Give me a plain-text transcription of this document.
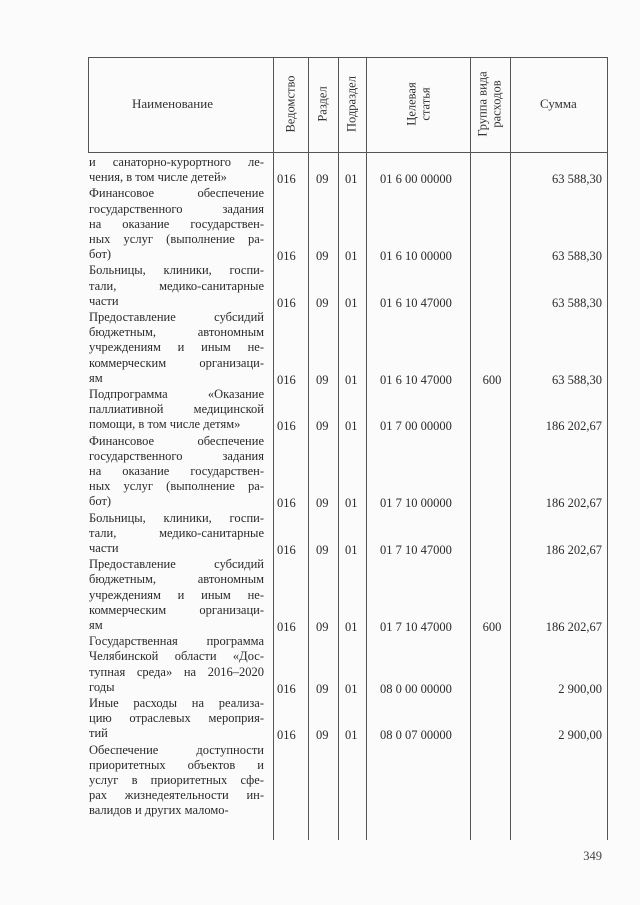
Наименование	Ведомство Раздел Подраздел	Целевая статья	Группа вида расходов	Сумма
и санаторно-курортного ле-
чения, в том числе детей»	016 09 01 01 6 00 00000	63 588,30
Финансовое обеспечение
государственного задания
на оказание государствен-
ных услуг (выполнение ра-
бот)	016 09 01 01 6 10 00000	63 588,30
Больницы, клиники, госпи-
тали, медико-санитарные
части	016 09 01 01 6 10 47000	63 588,30
Предоставление субсидий
бюджетным, автономным
учреждениям и иным не-
коммерческим организаци-
ям	016 09 01 01 6 10 47000	600	63 588,30
Подпрограмма «Оказание
паллиативной медицинской
помощи, в том числе детям»	016 09 01 01 7 00 00000	186 202,67
Финансовое обеспечение
государственного задания
на оказание государствен-
ных услуг (выполнение ра-
бот)	016 09 01 01 7 10 00000	186 202,67
Больницы, клиники, госпи-
тали, медико-санитарные
части	016 09 01 01 7 10 47000	186 202,67
Предоставление субсидий
бюджетным, автономным
учреждениям и иным не-
коммерческим организаци-
ям	016 09 01 01 7 10 47000	600	186 202,67
Государственная программа
Челябинской области «Дос-
тупная среда» на 2016–2020
годы	016 09 01 08 0 00 00000	2 900,00
Иные расходы на реализа-
цию отраслевых мероприя-
тий	016 09 01 08 0 07 00000	2 900,00
Обеспечение доступности
приоритетных объектов и
услуг в приоритетных сфе-
рах жизнедеятельности ин-
валидов и других маломо-
349
